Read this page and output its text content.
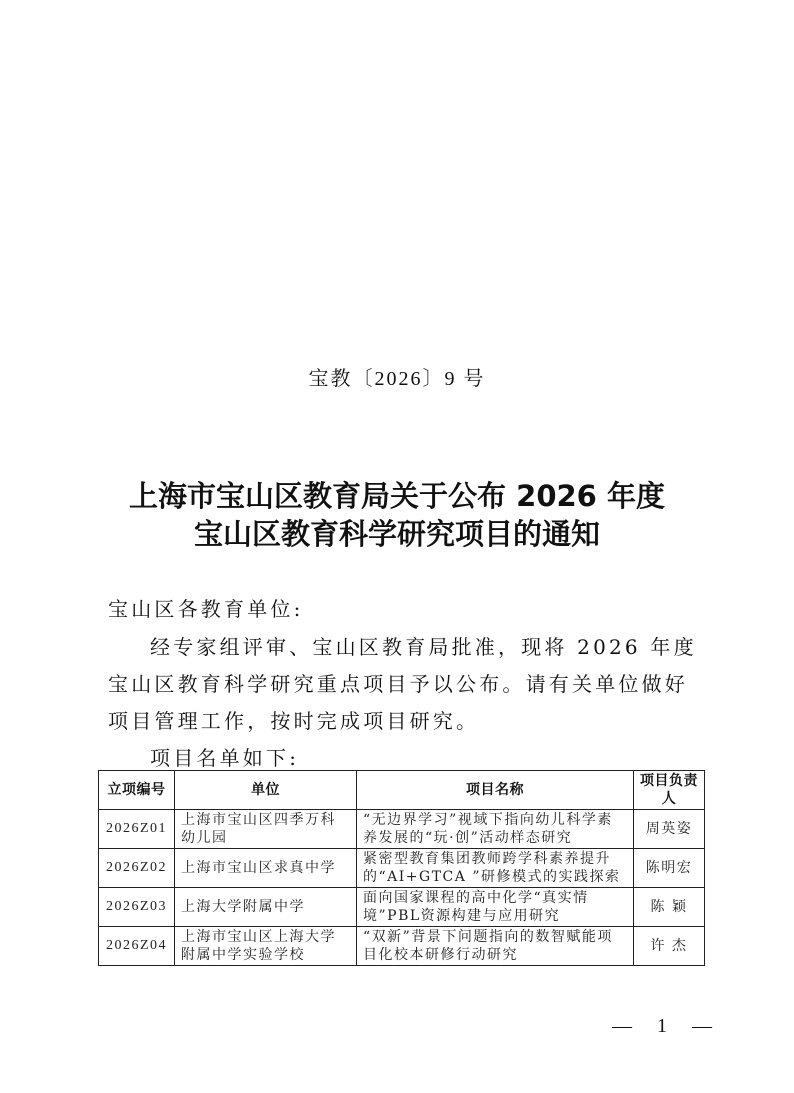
宝教〔2026〕9 号
上海市宝山区教育局关于公布 2026 年度
宝山区教育科学研究项目的通知
宝山区各教育单位:
经专家组评审、宝山区教育局批准，现将 2026 年度宝山区教育科学研究重点项目予以公布。请有关单位做好项目管理工作，按时完成项目研究。
项目名单如下:
立项编号	单位	项目名称	项目负责人
2026Z01	上海市宝山区四季万科幼儿园	“无边界学习”视域下指向幼儿科学素养发展的“玩·创”活动样态研究	周英姿
2026Z02	上海市宝山区求真中学	紧密型教育集团教师跨学科素养提升的“AI+GTCA ”研修模式的实践探索	陈明宏
2026Z03	上海大学附属中学	面向国家课程的高中化学“真实情境”PBL资源构建与应用研究	陈 颖
2026Z04	上海市宝山区上海大学附属中学实验学校	“双新”背景下问题指向的数智赋能项目化校本研修行动研究	许 杰
— 1 —
